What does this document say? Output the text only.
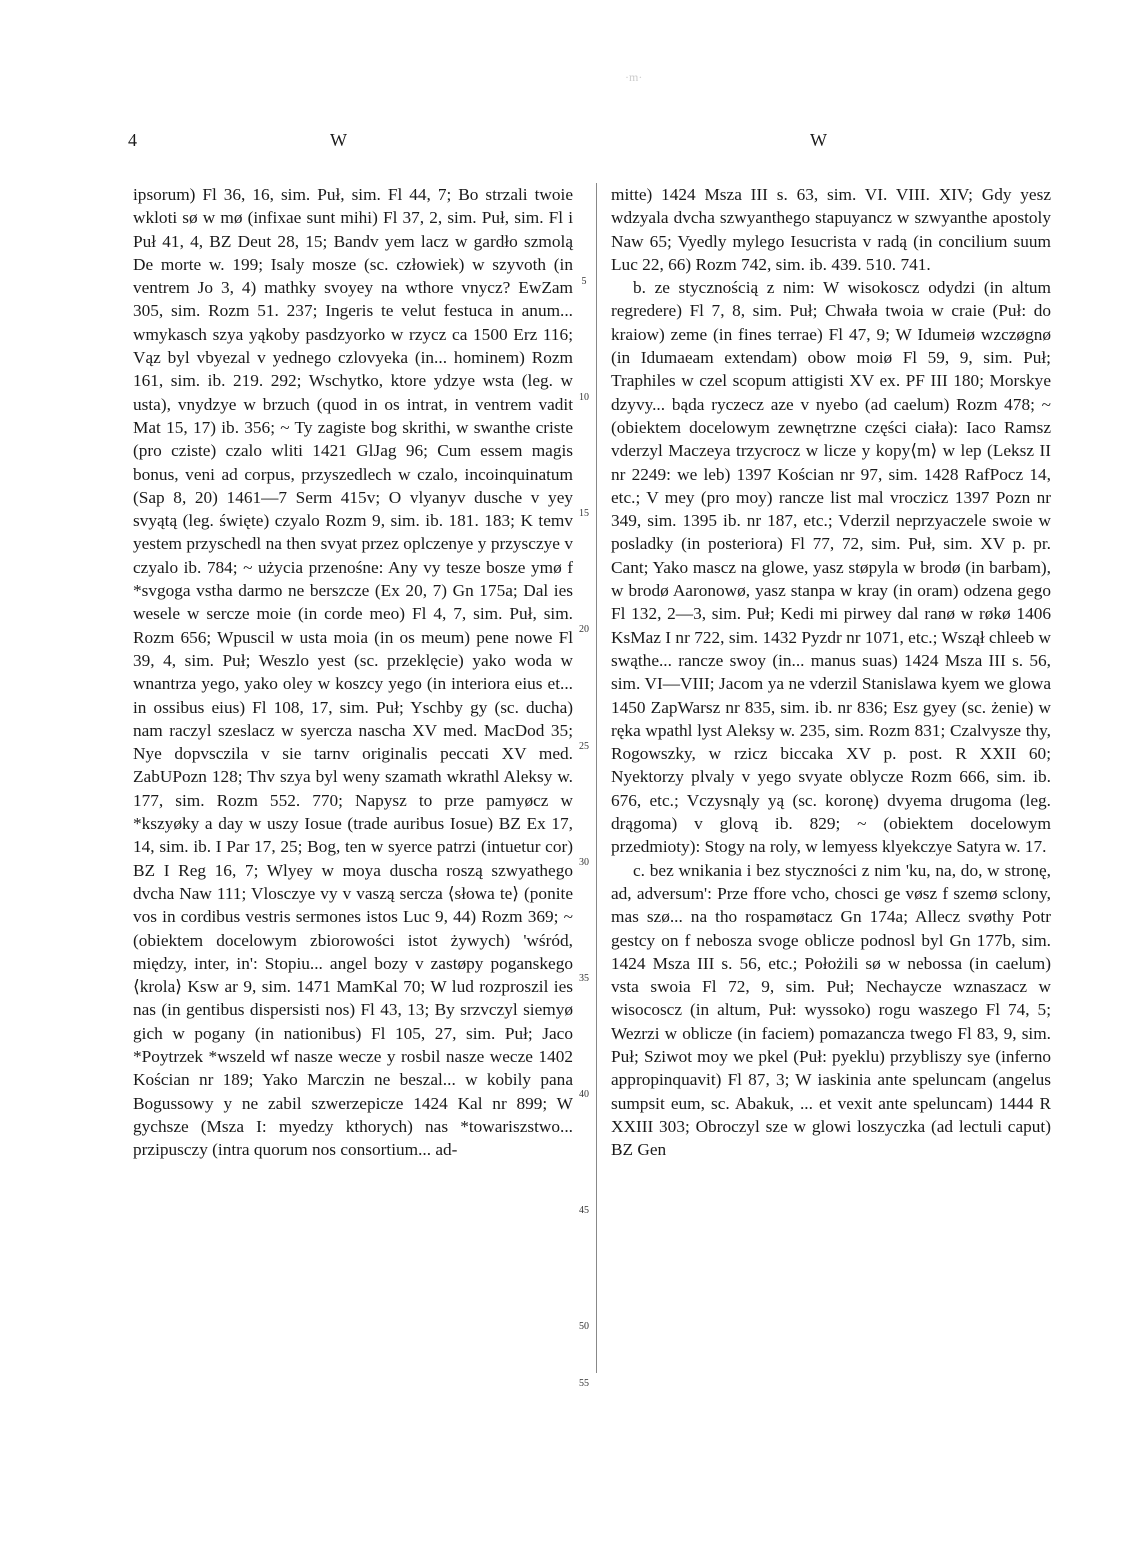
·m·
4	W	W

ipsorum) Fl 36, 16, sim. Puł, sim. Fl 44, 7; Bo strzali twoie wkloti sø w mø (infixae sunt mihi) Fl 37, 2, sim. Puł, sim. Fl i Puł 41, 4, BZ Deut 28, 15; Bandv yem lacz w gardło szmolą De morte w. 199; Isaly mosze (sc. człowiek) w szyvoth (in ventrem Jo 3, 4) mathky svoyey na wthore vnycz? EwZam 305, sim. Rozm 51. 237; Ingeris te velut festuca in anum... wmykasch szya yąkoby pasdzyorko w rzycz ca 1500 Erz 116; Vąz byl vbyezal v yednego czlovyeka (in... hominem) Rozm 161, sim. ib. 219. 292; Wschytko, ktore ydzye wsta (leg. w usta), vnydzye w brzuch (quod in os intrat, in ventrem vadit Mat 15, 17) ib. 356; ~ Ty zagiste bog skrithi, w swanthe criste (pro cziste) czalo wliti 1421 GlJag 96; Cum essem magis bonus, veni ad corpus, przyszedlech w czalo, incoinquinatum (Sap 8, 20) 1461—7 Serm 415v; O vlyanyv dusche v yey svyątą (leg. święte) czyalo Rozm 9, sim. ib. 181. 183; K temv yestem przyschedl na then svyat przez oplczenye y przysczye v czyalo ib. 784; ~ użycia przenośne: Any vy tesze bosze ymø f *svgoga vstha darmo ne berszcze (Ex 20, 7) Gn 175a; Dal ies wesele w sercze moie (in corde meo) Fl 4, 7, sim. Puł, sim. Rozm 656; Wpuscil w usta moia (in os meum) pene nowe Fl 39, 4, sim. Puł; Weszlo yest (sc. przeklęcie) yako woda w wnantrza yego, yako oley w koszcy yego (in interiora eius et... in ossibus eius) Fl 108, 17, sim. Puł; Yschby gy (sc. ducha) nam raczyl szeslacz w syercza nascha XV med. MacDod 35; Nye dopvsczila v sie tarnv originalis peccati XV med. ZabUPozn 128; Thv szya byl weny szamath wkrathl Aleksy w. 177, sim. Rozm 552. 770; Napysz to prze pamyøcz w *kszyøky a day w uszy Iosue (trade auribus Iosue) BZ Ex 17, 14, sim. ib. I Par 17, 25; Bog, ten w syerce patrzi (intuetur cor) BZ I Reg 16, 7; Wlyey w moya duscha roszą szwyathego dvcha Naw 111; Vlosczye vy v vaszą sercza ⟨słowa te⟩ (ponite vos in cordibus vestris sermones istos Luc 9, 44) Rozm 369; ~ (obiektem docelowym zbiorowości istot żywych) 'wśród, między, inter, in': Stopiu... angel bozy v zastøpy poganskego ⟨krola⟩ Ksw ar 9, sim. 1471 MamKal 70; W lud rozproszil ies nas (in gentibus dispersisti nos) Fl 43, 13; By srzvczyl siemyø gich w pogany (in nationibus) Fl 105, 27, sim. Puł; Jaco *Poytrzek *wszeld wf nasze wecze y rosbil nasze wecze 1402 Kościan nr 189; Yako Marczin ne beszal... w kobily pana Bogussowy y ne zabil szwerzepicze 1424 Kal nr 899; W gychsze (Msza I: myedzy kthorych) nas *towariszstwo... przipusczy (intra quorum nos consortium... ad-

5
10
15
20
25
30
35
40
45
50
55

mitte) 1424 Msza III s. 63, sim. VI. VIII. XIV; Gdy yesz wdzyala dvcha szwyanthego stapuyancz w szwyanthe apostoly Naw 65; Vyedly mylego Iesucrista v radą (in concilium suum Luc 22, 66) Rozm 742, sim. ib. 439. 510. 741.

b. ze stycznością z nim: W wisokoscz odydzi (in altum regredere) Fl 7, 8, sim. Puł; Chwała twoia w craie (Puł: do kraiow) zeme (in fines terrae) Fl 47, 9; W Idumeiø wzczøgnø (in Idumaeam extendam) obow moiø Fl 59, 9, sim. Puł; Traphiles w czel scopum attigisti XV ex. PF III 180; Morskye dzyvy... bąda ryczecz aze v nyebo (ad caelum) Rozm 478; ~ (obiektem docelowym zewnętrzne części ciała): Iaco Ramsz vderzyl Maczeya trzycrocz w licze y kopy⟨m⟩ w lep (Leksz II nr 2249: we leb) 1397 Kościan nr 97, sim. 1428 RafPocz 14, etc.; V mey (pro moy) rancze list mal vroczicz 1397 Pozn nr 349, sim. 1395 ib. nr 187, etc.; Vderzil neprzyaczele swoie w posladky (in posteriora) Fl 77, 72, sim. Puł, sim. XV p. pr. Cant; Yako mascz na glowe, yasz støpyla w brodø (in barbam), w brodø Aaronowø, yasz stanpa w kray (in oram) odzena gego Fl 132, 2—3, sim. Puł; Kedi mi pirwey dal ranø w røkø 1406 KsMaz I nr 722, sim. 1432 Pyzdr nr 1071, etc.; Wszął chleeb w swąthe... rancze swoy (in... manus suas) 1424 Msza III s. 56, sim. VI—VIII; Jacom ya ne vderzil Stanislawa kyem we glowa 1450 ZapWarsz nr 835, sim. ib. nr 836; Esz gyey (sc. żenie) w ręka wpathl lyst Aleksy w. 235, sim. Rozm 831; Czalvysze thy, Rogowszky, w rzicz biccaka XV p. post. R XXII 60; Nyektorzy plvaly v yego svyate oblycze Rozm 666, sim. ib. 676, etc.; Vczysnąly yą (sc. koronę) dvyema drugoma (leg. drągoma) v glovą ib. 829; ~ (obiektem docelowym przedmioty): Stogy na roly, w lemyess klyekczye Satyra w. 17.

c. bez wnikania i bez styczności z nim 'ku, na, do, w stronę, ad, adversum': Prze ffore vcho, chosci ge vøsz f szemø sclony, mas szø... na tho rospamøtacz Gn 174a; Allecz svøthy Potr gestcy on f nebosza svoge oblicze podnosl byl Gn 177b, sim. 1424 Msza III s. 56, etc.; Położili sø w nebossa (in caelum) vsta swoia Fl 72, 9, sim. Puł; Nechaycze wznaszacz w wisocoscz (in altum, Puł: wyssoko) rogu waszego Fl 74, 5; Wezrzi w oblicze (in faciem) pomazancza twego Fl 83, 9, sim. Puł; Sziwot moy we pkel (Puł: pyeklu) przybliszy sye (inferno appropinquavit) Fl 87, 3; W iaskinia ante speluncam (angelus sumpsit eum, sc. Abakuk, ... et vexit ante speluncam) 1444 R XXIII 303; Obroczyl sze w glowi loszyczka (ad lectuli caput) BZ Gen
